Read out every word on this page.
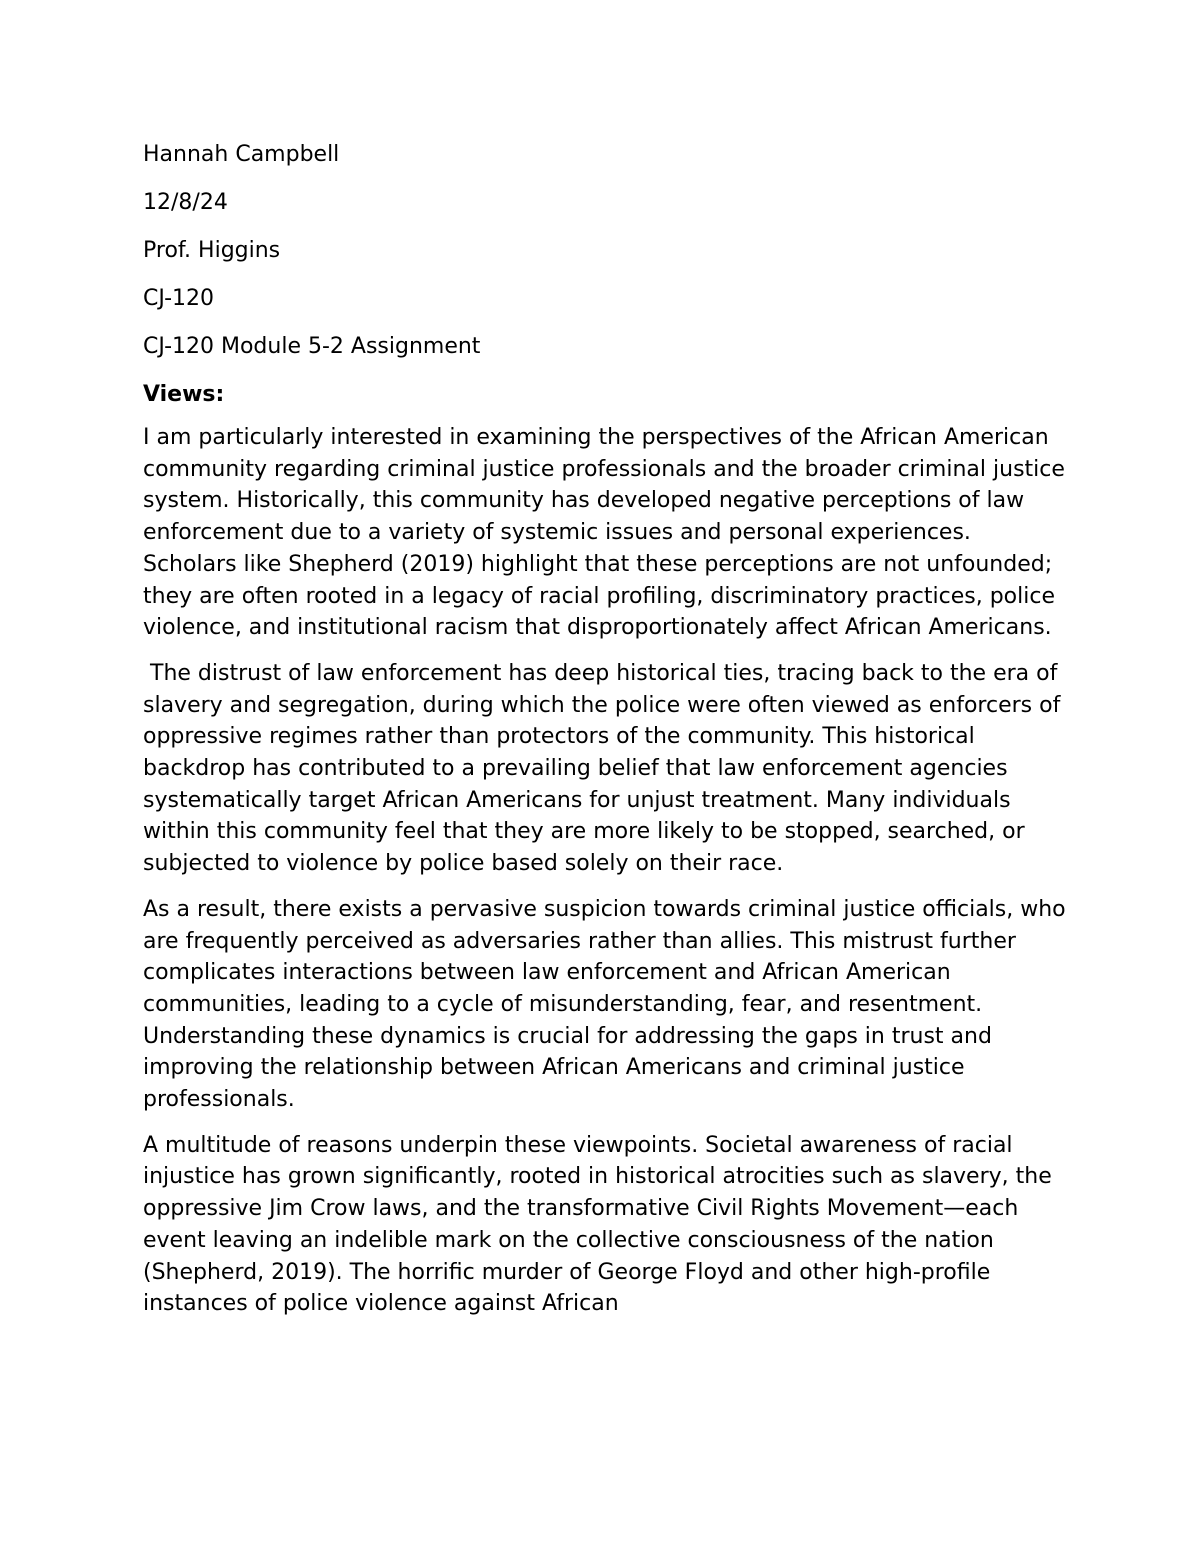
Hannah Campbell

12/8/24

Prof. Higgins

CJ-120

CJ-120 Module 5-2 Assignment

Views:

I am particularly interested in examining the perspectives of the African American community regarding criminal justice professionals and the broader criminal justice system. Historically, this community has developed negative perceptions of law enforcement due to a variety of systemic issues and personal experiences. Scholars like Shepherd (2019) highlight that these perceptions are not unfounded; they are often rooted in a legacy of racial profiling, discriminatory practices, police violence, and institutional racism that disproportionately affect African Americans.

The distrust of law enforcement has deep historical ties, tracing back to the era of slavery and segregation, during which the police were often viewed as enforcers of oppressive regimes rather than protectors of the community. This historical backdrop has contributed to a prevailing belief that law enforcement agencies systematically target African Americans for unjust treatment. Many individuals within this community feel that they are more likely to be stopped, searched, or subjected to violence by police based solely on their race.

As a result, there exists a pervasive suspicion towards criminal justice officials, who are frequently perceived as adversaries rather than allies. This mistrust further complicates interactions between law enforcement and African American communities, leading to a cycle of misunderstanding, fear, and resentment. Understanding these dynamics is crucial for addressing the gaps in trust and improving the relationship between African Americans and criminal justice professionals.

A multitude of reasons underpin these viewpoints. Societal awareness of racial injustice has grown significantly, rooted in historical atrocities such as slavery, the oppressive Jim Crow laws, and the transformative Civil Rights Movement—each event leaving an indelible mark on the collective consciousness of the nation (Shepherd, 2019). The horrific murder of George Floyd and other high-profile instances of police violence against African
